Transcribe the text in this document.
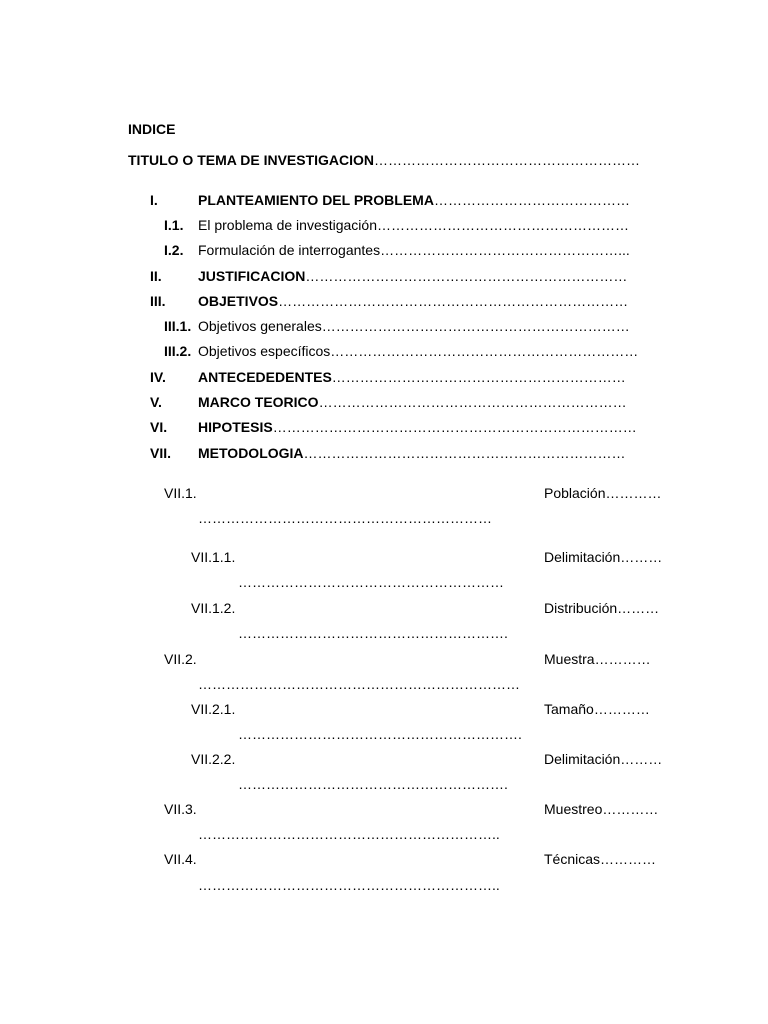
INDICE
TITULO O TEMA DE INVESTIGACION…………………………………………………
I.	PLANTEAMIENTO DEL PROBLEMA……………………………………
I.1. El problema de investigación………………………………………………
I.2. Formulación de interrogantes……………………………………………...
II.	JUSTIFICACION……………………………………………………………
III. OBJETIVOS…………………………………………………………………
III.1. Objetivos generales…………………………………………………………
III.2. Objetivos específicos…………………………………………………………
IV. ANTECEDEDENTES………………………………………………………
V.	MARCO TEORICO…………………………………………………………
VI. HIPOTESIS……………………………………………………………………
VII. METODOLOGIA……………………………………………………………
VII.1.	Población…………
………………………………………………………
VII.1.1.	Delimitación………
…………………………………………………
VII.1.2.	Distribución………
………………………………………………….
VII.2.	Muestra…………
……………………………………………………………
VII.2.1.	Tamaño…………
…………………………………………………….
VII.2.2.	Delimitación………
………………………………………………….
VII.3.	Muestreo…………
………………………………………………………..
VII.4.	Técnicas…………
………………………………………………………..
